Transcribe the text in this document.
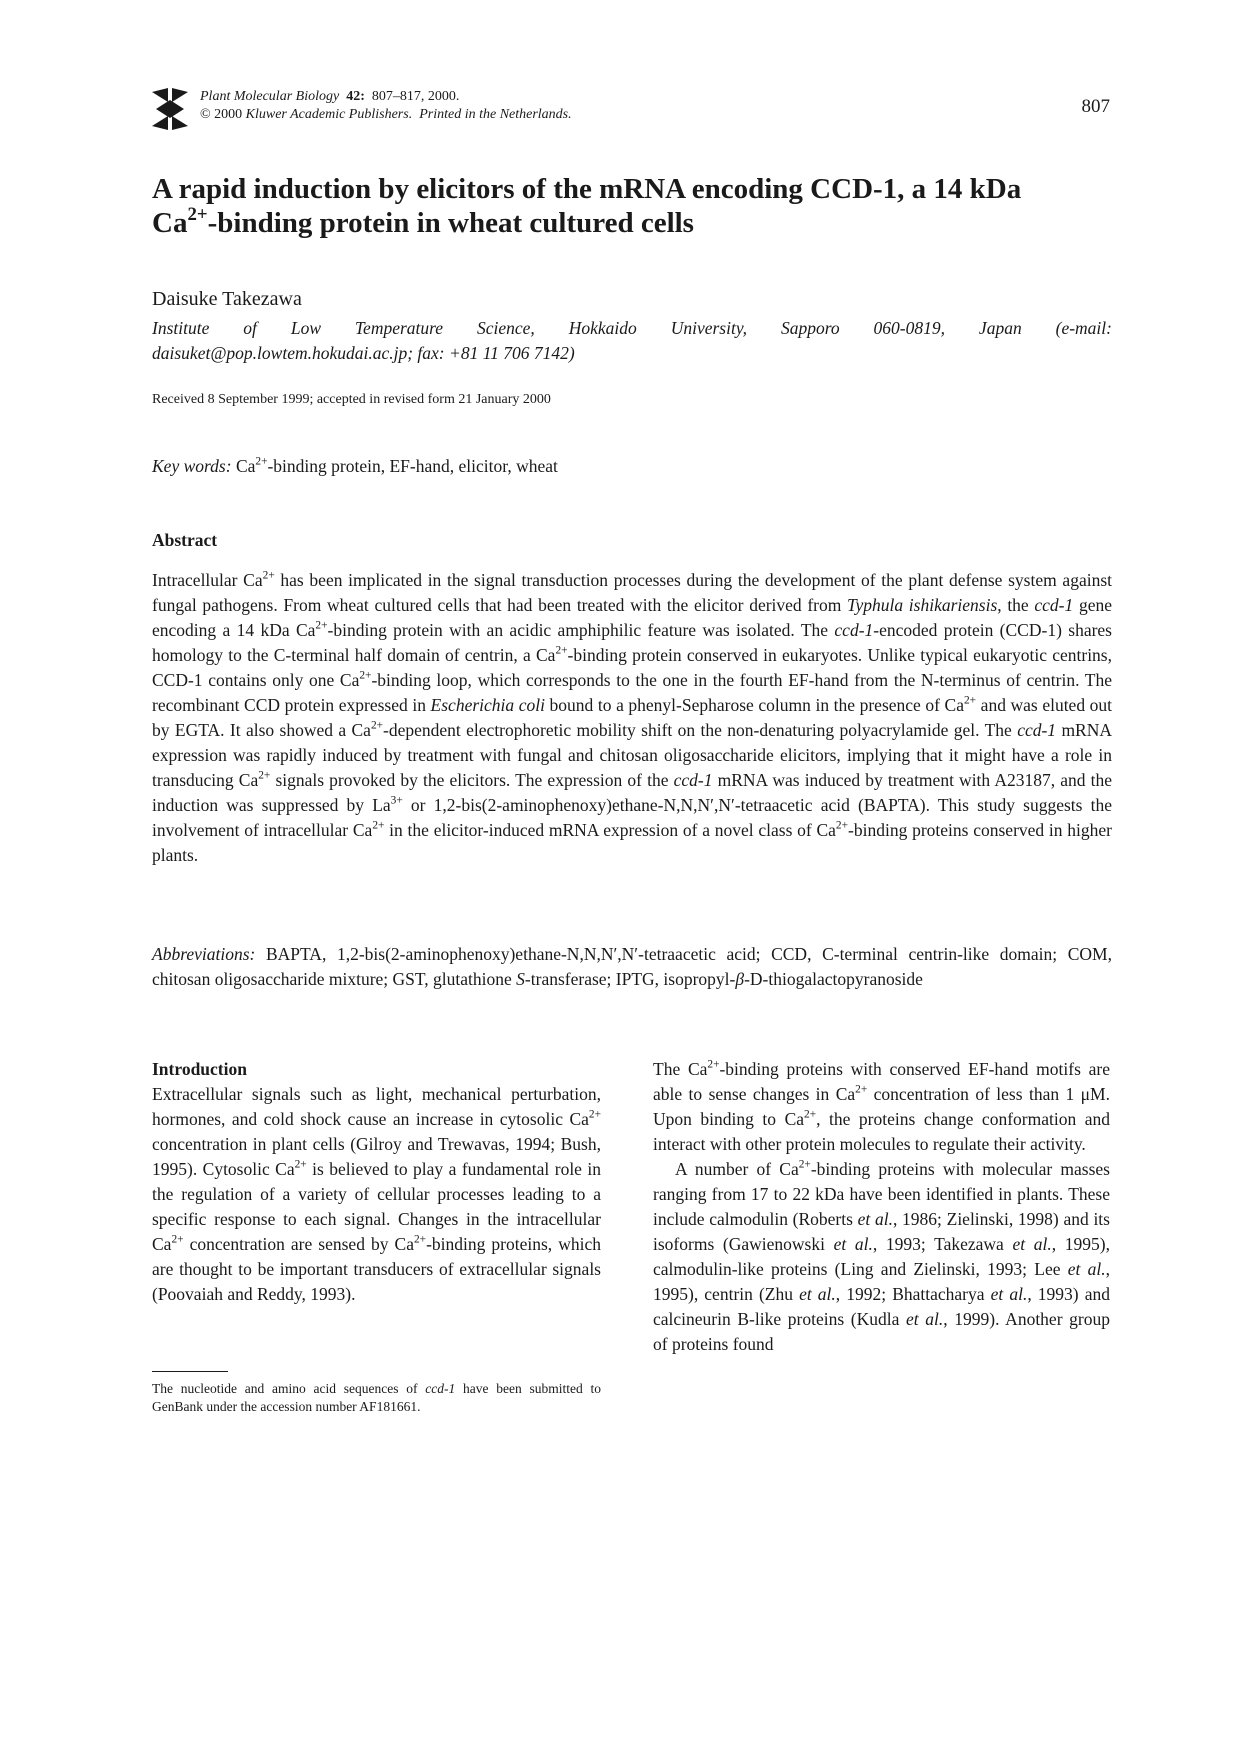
Plant Molecular Biology 42: 807–817, 2000.
© 2000 Kluwer Academic Publishers. Printed in the Netherlands.	807
A rapid induction by elicitors of the mRNA encoding CCD-1, a 14 kDa
$Ca^{2+}$-binding protein in wheat cultured cells
Daisuke Takezawa
Institute of Low Temperature Science, Hokkaido University, Sapporo 060-0819, Japan (e-mail:
daisuket@pop.lowtem.hokudai.ac.jp; fax: +81 11 706 7142)
Received 8 September 1999; accepted in revised form 21 January 2000
Key words: $Ca^{2+}$-binding protein, EF-hand, elicitor, wheat
Abstract
Intracellular $Ca^{2+}$ has been implicated in the signal transduction processes during the development of the plant defense system against fungal pathogens. From wheat cultured cells that had been treated with the elicitor derived from Typhula ishikariensis, the ccd-1 gene encoding a 14 kDa $Ca^{2+}$-binding protein with an acidic amphiphilic feature was isolated. The ccd-1-encoded protein (CCD-1) shares homology to the C-terminal half domain of centrin, a $Ca^{2+}$-binding protein conserved in eukaryotes. Unlike typical eukaryotic centrins, CCD-1 contains only one $Ca^{2+}$-binding loop, which corresponds to the one in the fourth EF-hand from the N-terminus of centrin. The recombinant CCD protein expressed in Escherichia coli bound to a phenyl-Sepharose column in the presence of $Ca^{2+}$ and was eluted out by EGTA. It also showed a $Ca^{2+}$-dependent electrophoretic mobility shift on the non-denaturing polyacrylamide gel. The ccd-1 mRNA expression was rapidly induced by treatment with fungal and chitosan oligosaccharide elicitors, implying that it might have a role in transducing $Ca^{2+}$ signals provoked by the elicitors. The expression of the ccd-1 mRNA was induced by treatment with A23187, and the induction was suppressed by $La^{3+}$ or 1,2-bis(2-aminophenoxy)ethane-N,N,N′,N′-tetraacetic acid (BAPTA). This study suggests the involvement of intracellular $Ca^{2+}$ in the elicitor-induced mRNA expression of a novel class of $Ca^{2+}$-binding proteins conserved in higher plants.
Abbreviations: BAPTA, 1,2-bis(2-aminophenoxy)ethane-N,N,N′,N′-tetraacetic acid; CCD, C-terminal centrin-like domain; COM, chitosan oligosaccharide mixture; GST, glutathione S-transferase; IPTG, isopropyl-β-D-thiogalactopyranoside

Introduction

Extracellular signals such as light, mechanical perturbation, hormones, and cold shock cause an increase in cytosolic $Ca^{2+}$ concentration in plant cells (Gilroy and Trewavas, 1994; Bush, 1995). Cytosolic $Ca^{2+}$ is believed to play a fundamental role in the regulation of a variety of cellular processes leading to a specific response to each signal. Changes in the intracellular $Ca^{2+}$ concentration are sensed by $Ca^{2+}$-binding proteins, which are thought to be important transducers of extracellular signals (Poovaiah and Reddy, 1993).

The nucleotide and amino acid sequences of ccd-1 have been submitted to GenBank under the accession number AF181661.

The $Ca^{2+}$-binding proteins with conserved EF-hand motifs are able to sense changes in $Ca^{2+}$ concentration of less than 1 μM. Upon binding to $Ca^{2+}$, the proteins change conformation and interact with other protein molecules to regulate their activity.

A number of $Ca^{2+}$-binding proteins with molecular masses ranging from 17 to 22 kDa have been identified in plants. These include calmodulin (Roberts et al., 1986; Zielinski, 1998) and its isoforms (Gawienowski et al., 1993; Takezawa et al., 1995), calmodulin-like proteins (Ling and Zielinski, 1993; Lee et al., 1995), centrin (Zhu et al., 1992; Bhattacharya et al., 1993) and calcineurin B-like proteins (Kudla et al., 1999). Another group of proteins found
